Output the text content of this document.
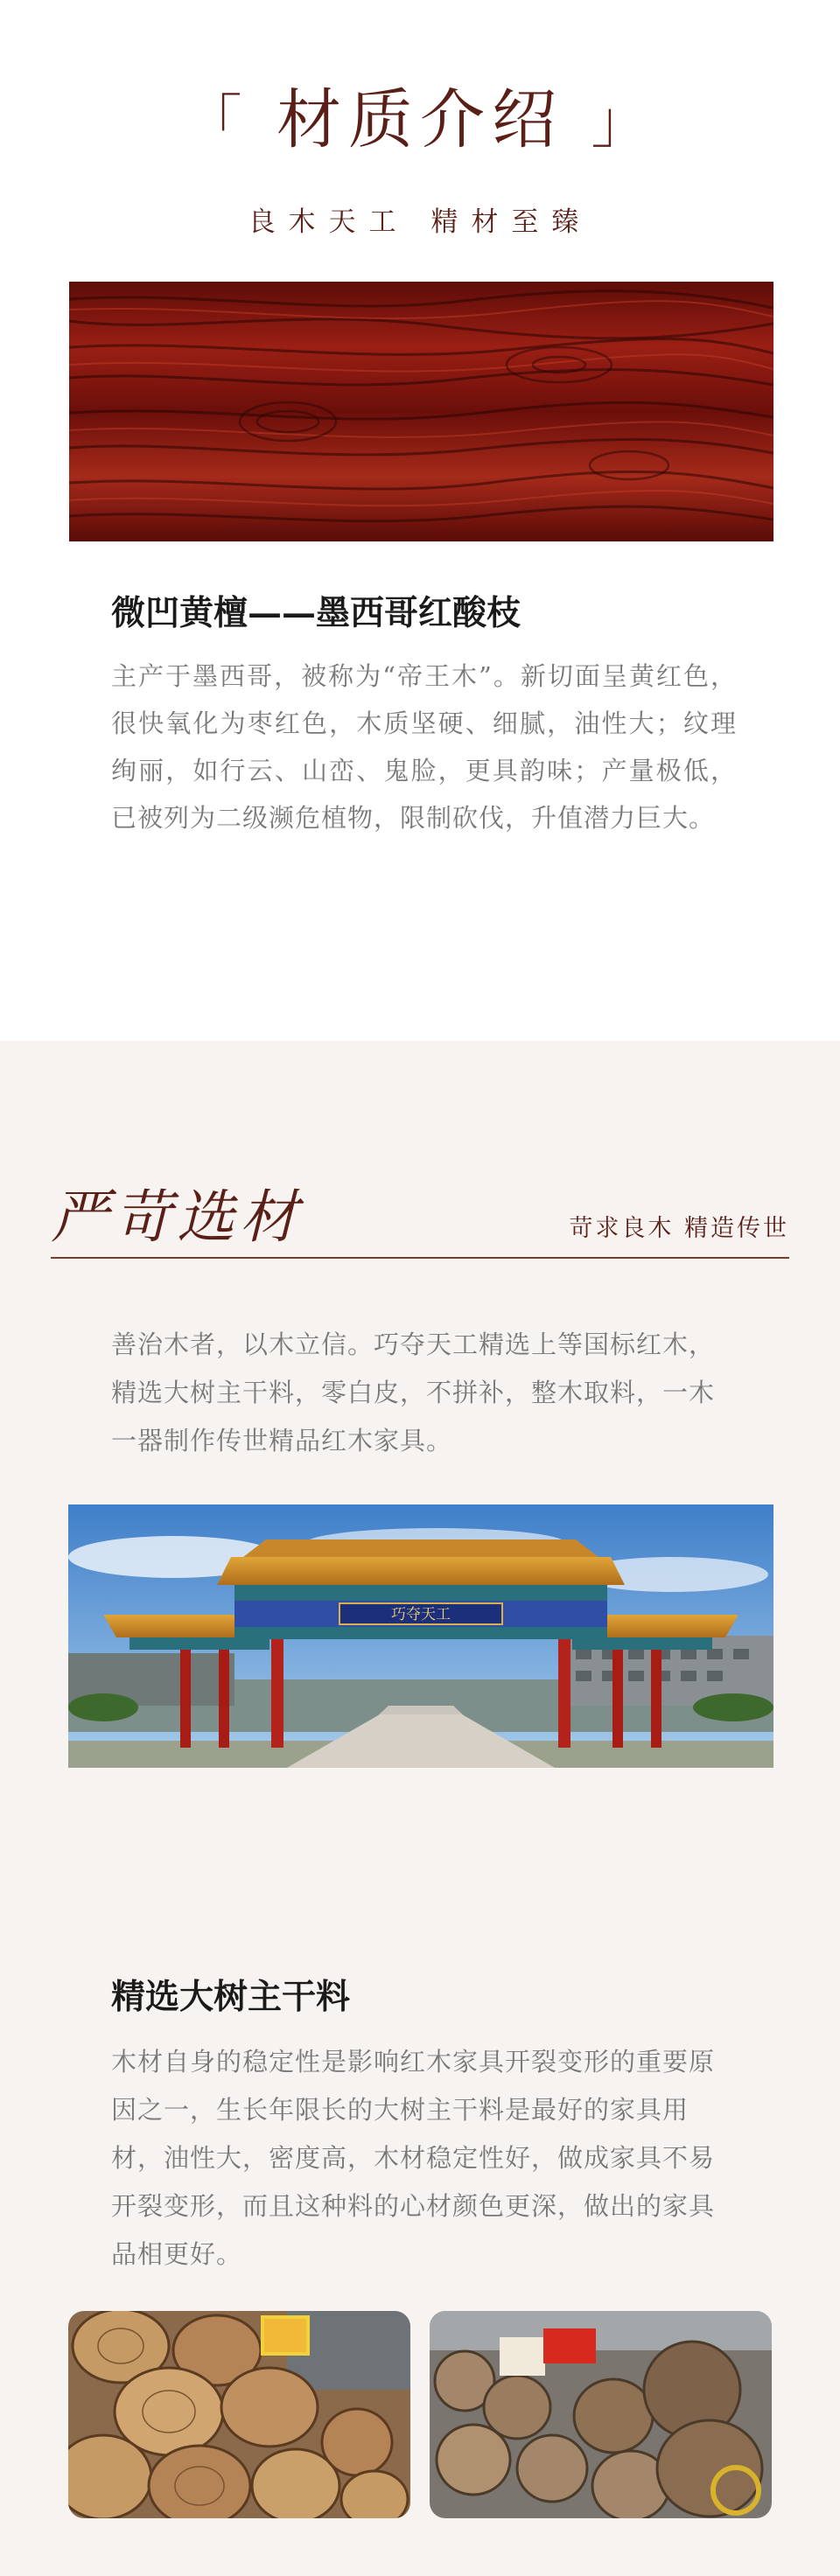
「 材质介绍 」
良木天工 精材至臻
微凹黄檀——墨西哥红酸枝
主产于墨西哥，被称为“帝王木”。新切面呈黄红色，很快氧化为枣红色，木质坚硬、细腻，油性大；纹理绚丽，如行云、山峦、鬼脸，更具韵味；产量极低，已被列为二级濒危植物，限制砍伐，升值潜力巨大。
严苛选材	苛求良木 精造传世
善治木者，以木立信。巧夺天工精选上等国标红木，精选大树主干料，零白皮，不拼补，整木取料，一木一器制作传世精品红木家具。
巧夺天工
精选大树主干料
木材自身的稳定性是影响红木家具开裂变形的重要原因之一，生长年限长的大树主干料是最好的家具用材，油性大，密度高，木材稳定性好，做成家具不易开裂变形，而且这种料的心材颜色更深，做出的家具品相更好。
